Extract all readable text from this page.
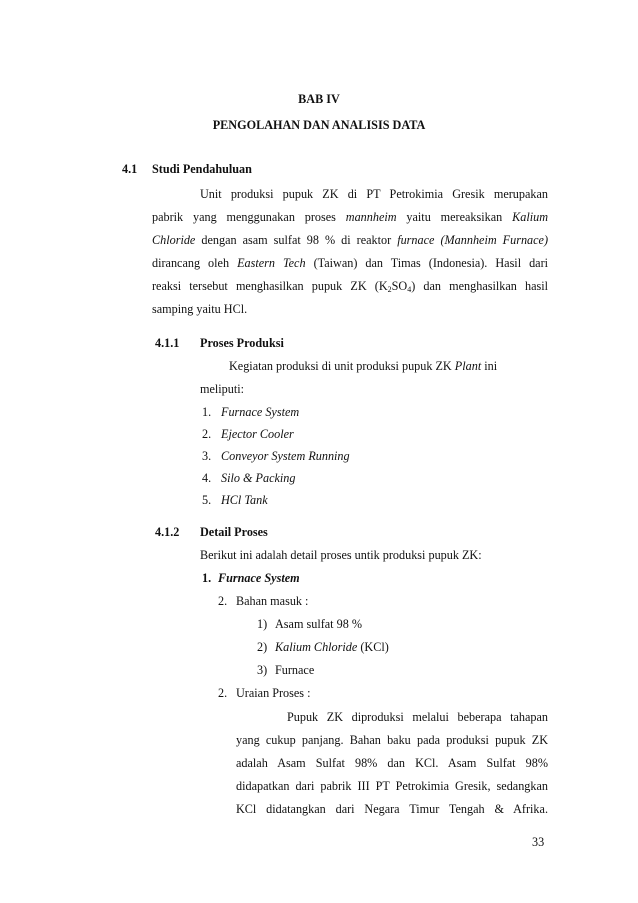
BAB IV
PENGOLAHAN DAN ANALISIS DATA
4.1 Studi Pendahuluan
Unit produksi pupuk ZK di PT Petrokimia Gresik merupakan
pabrik yang menggunakan proses mannheim yaitu mereaksikan Kalium
Chloride dengan asam sulfat 98 % di reaktor furnace (Mannheim Furnace)
dirancang oleh Eastern Tech (Taiwan) dan Timas (Indonesia). Hasil dari
reaksi tersebut menghasilkan pupuk ZK $(K_2SO_4)$ dan menghasilkan hasil
samping yaitu HCl.
4.1.1 Proses Produksi
Kegiatan produksi di unit produksi pupuk ZK Plant ini
meliputi:
1. Furnace System
2. Ejector Cooler
3. Conveyor System Running
4. Silo & Packing
5. HCl Tank
4.1.2 Detail Proses
Berikut ini adalah detail proses untik produksi pupuk ZK:
1. Furnace System
2. Bahan masuk :
1) Asam sulfat 98 %
2) Kalium Chloride (KCl)
3) Furnace
2. Uraian Proses :
Pupuk ZK diproduksi melalui beberapa tahapan
yang cukup panjang. Bahan baku pada produksi pupuk ZK
adalah Asam Sulfat 98% dan KCl. Asam Sulfat 98%
didapatkan dari pabrik III PT Petrokimia Gresik, sedangkan
KCl didatangkan dari Negara Timur Tengah & Afrika.
33
